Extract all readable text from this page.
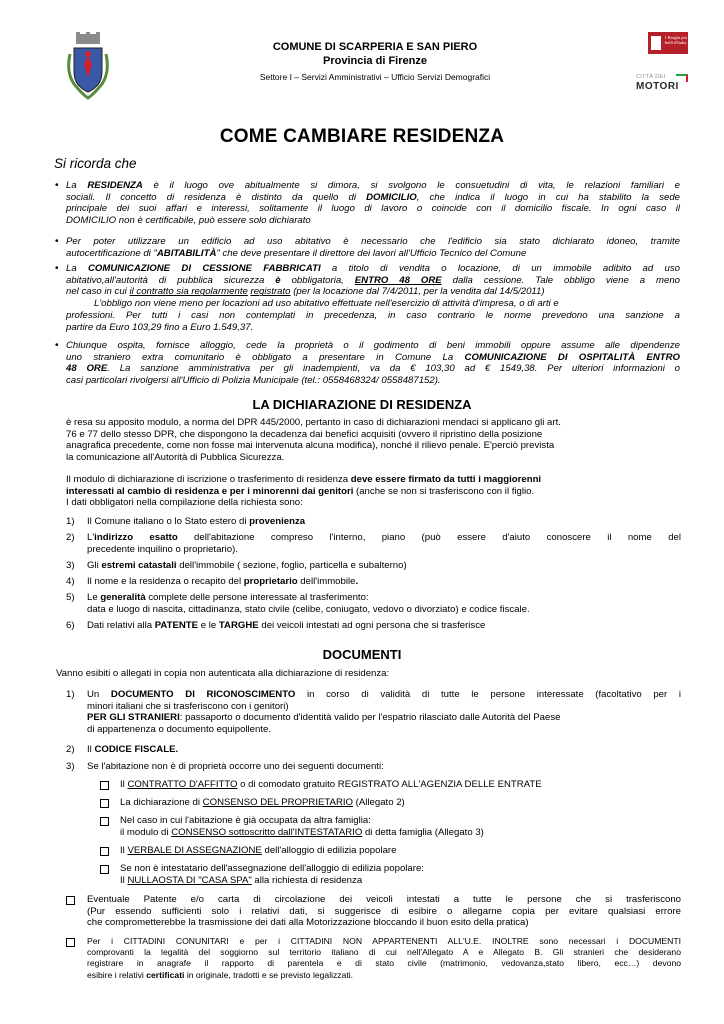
COMUNE DI SCARPERIA E SAN PIERO
Provincia di Firenze
Settore I – Servizi Amministrativi – Ufficio Servizi Demografici
I Borghi più belli d'Italia
CITTÀ DEI
MOTORI
COME CAMBIARE RESIDENZA
Si ricorda che
• La RESIDENZA è il luogo ove abitualmente si dimora, si svolgono le consuetudini di vita, le relazioni familiari e
sociali. Il concetto di residenza è distinto da quello di DOMICILIO, che indica il luogo in cui ha stabilito la sede
principale dei suoi affari e interessi, solitamente il luogo di lavoro o coincide con il domicilio fiscale. In ogni caso il
DOMICILIO non è certificabile, può essere solo dichiarato
• Per poter utilizzare un edificio ad uso abitativo è necessario che l'edificio sia stato dichiarato idoneo, tramite
autocertificazione di "ABITABILITÀ" che deve presentare il direttore dei lavori all'Ufficio Tecnico del Comune
• La COMUNICAZIONE DI CESSIONE FABBRICATI a titolo di vendita o locazione, di un immobile adibito ad uso
abitativo,all'autorità di pubblica sicurezza è obbligatoria, ENTRO 48 ORE dalla cessione. Tale obbligo viene a meno
nel caso in cui il contratto sia regolarmente registrato (per la locazione dal 7/4/2011, per la vendita dal 14/5/2011)
L'obbligo non viene meno per locazioni ad uso abitativo effettuate nell'esercizio di attività d'impresa, o di arti e
professioni. Per tutti i casi non contemplati in precedenza, in caso contrario le norme prevedono una sanzione a
partire da Euro 103,29 fino a Euro 1.549,37.
• Chiunque ospita, fornisce alloggio, cede la proprietà o il godimento di beni immobili oppure assume alle dipendenze
uno straniero extra comunitario è obbligato a presentare in Comune La COMUNICAZIONE DI OSPITALITÀ ENTRO
48 ORE. La sanzione amministrativa per gli inadempienti, va da € 103,30 ad € 1549,38. Per ulteriori informazioni o
casi particolari rivolgersi all'Ufficio di Polizia Municipale (tel.: 0558468324/ 0558487152).
LA DICHIARAZIONE DI RESIDENZA
è resa su apposito modulo, a norma del DPR 445/2000, pertanto in caso di dichiarazioni mendaci si applicano gli art.
76 e 77 dello stesso DPR, che dispongono la decadenza dai benefici acquisiti (ovvero il ripristino della posizione
anagrafica precedente, come non fosse mai intervenuta alcuna modifica), nonché il rilievo penale. E'perciò prevista
la comunicazione all'Autorità di Pubblica Sicurezza.
Il modulo di dichiarazione di iscrizione o trasferimento di residenza deve essere firmato da tutti i maggiorenni
interessati al cambio di residenza e per i minorenni dai genitori (anche se non si trasferiscono con il figlio.
I dati obbligatori nella compilazione della richiesta sono:
1) Il Comune italiano o lo Stato estero di provenienza
2) L'indirizzo esatto dell'abitazione compreso l'interno, piano (può essere d'aiuto conoscere il nome del
precedente inquilino o proprietario).
3) Gli estremi catastali dell'immobile ( sezione, foglio, particella e subalterno)
4) Il nome e la residenza o recapito del proprietario dell'immobile.
5) Le generalità complete delle persone interessate al trasferimento:
data e luogo di nascita, cittadinanza, stato civile (celibe, coniugato, vedovo o divorziato) e codice fiscale.
6) Dati relativi alla PATENTE e le TARGHE dei veicoli intestati ad ogni persona che si trasferisce
DOCUMENTI
Vanno esibiti o allegati in copia non autenticata alla dichiarazione di residenza:
1) Un DOCUMENTO DI RICONOSCIMENTO in corso di validità di tutte le persone interessate (facoltativo per i
minori italiani che si trasferiscono con i genitori)
PER GLI STRANIERI: passaporto o documento d'identità valido per l'espatrio rilasciato dalle Autorità del Paese
di appartenenza o documento equipollente.
2) Il CODICE FISCALE.
3) Se l'abitazione non è di proprietà occorre uno dei seguenti documenti:
Il CONTRATTO D'AFFITTO o di comodato gratuito REGISTRATO ALL'AGENZIA DELLE ENTRATE
La dichiarazione di CONSENSO DEL PROPRIETARIO (Allegato 2)
Nel caso in cui l'abitazione è già occupata da altra famiglia:
il modulo di CONSENSO sottoscritto dall'INTESTATARIO di detta famiglia (Allegato 3)
Il VERBALE DI ASSEGNAZIONE dell'alloggio di edilizia popolare
Se non è intestatario dell'assegnazione dell'alloggio di edilizia popolare:
Il NULLAOSTA DI "CASA SPA" alla richiesta di residenza
Eventuale Patente e/o carta di circolazione dei veicoli intestati a tutte le persone che si trasferiscono
(Pur essendo sufficienti solo i relativi dati, si suggerisce di esibire o allegarne copia per evitare qualsiasi errore
che comprometterebbe la trasmissione dei dati alla Motorizzazione bloccando il buon esito della pratica)
Per i CITTADINI CONUNITARI e per i CITTADINI NON APPARTENENTI ALL'U.E. INOLTRE sono necessari i DOCUMENTI
comprovanti la legalità del soggiorno sul territorio italiano di cui nell'Allegato A e Allegato B. Gli stranieri che desiderano
registrare in anagrafe il rapporto di parentela e di stato civile (matrimonio, vedovanza,stato libero, ecc…) devono
esibire i relativi certificati in originale, tradotti e se previsto legalizzati.
